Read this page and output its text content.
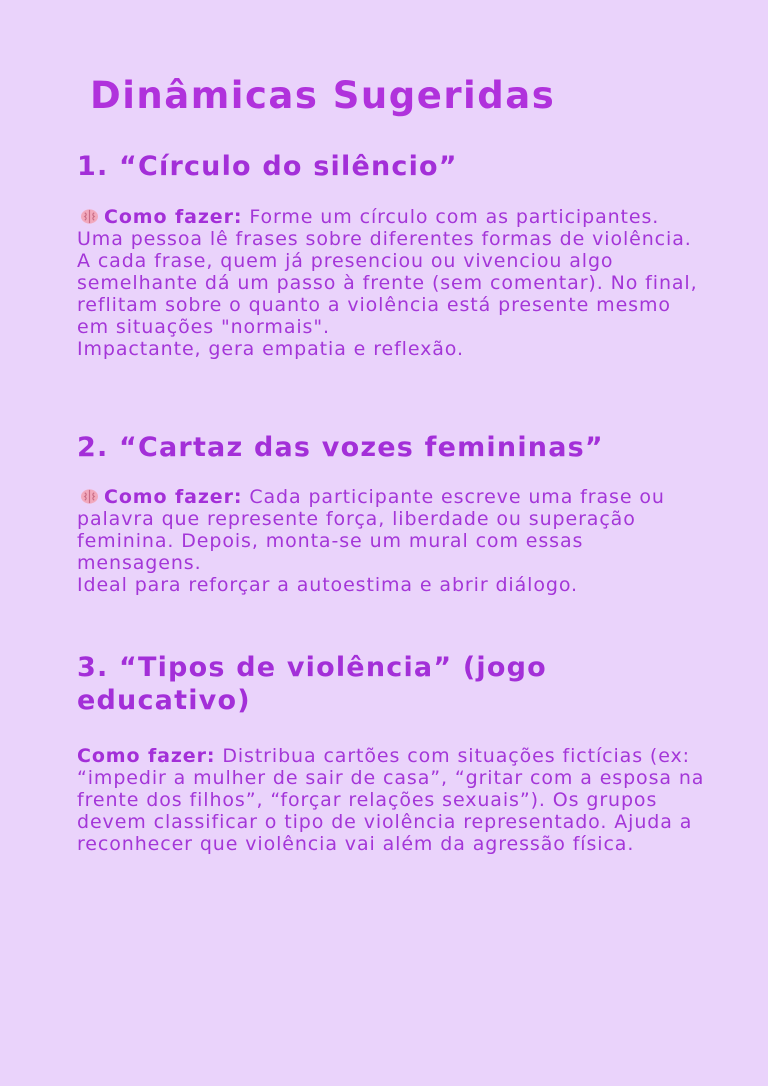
Dinâmicas Sugeridas
1. “Círculo do silêncio”

Como fazer: Forme um círculo com as participantes. Uma pessoa lê frases sobre diferentes formas de violência. A cada frase, quem já presenciou ou vivenciou algo semelhante dá um passo à frente (sem comentar). No final, reflitam sobre o quanto a violência está presente mesmo em situações "normais".

Impactante, gera empatia e reflexão.

2. “Cartaz das vozes femininas”

Como fazer: Cada participante escreve uma frase ou palavra que represente força, liberdade ou superação feminina. Depois, monta-se um mural com essas mensagens.

Ideal para reforçar a autoestima e abrir diálogo.

3. “Tipos de violência” (jogo educativo)

Como fazer: Distribua cartões com situações fictícias (ex: “impedir a mulher de sair de casa”, “gritar com a esposa na frente dos filhos”, “forçar relações sexuais”). Os grupos devem classificar o tipo de violência representado. Ajuda a reconhecer que violência vai além da agressão física.
